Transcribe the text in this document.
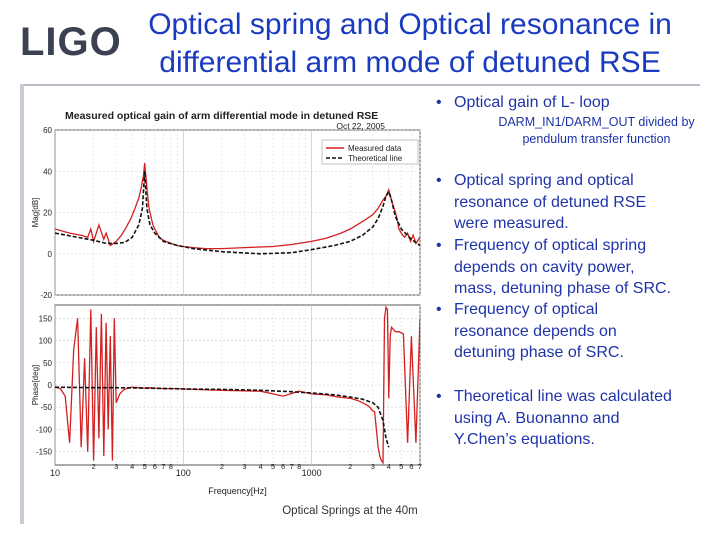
LIGO Optical spring and Optical resonance in
differential arm mode of detuned RSE
-20
0
20
40
60
Mag[dB]
-150
-100
-50
0
50
100
150
Phase[deg]
Measured optical gain of arm differential mode in detuned RSE
Oct 22, 2005
Measured data
Theoretical line
10
2 3 4 5 6 7 8
100
2 3 4 5 6 7 8
1000
2 3 4 5 6 7
Frequency[Hz]
• Optical gain of L- loop
DARM_IN1/DARM_OUT divided by
pendulum transfer function
• Optical spring and optical
resonance of detuned RSE
were measured.
• Frequency of optical spring
depends on cavity power,
mass, detuning phase of SRC.
• Frequency of optical
resonance depends on
detuning phase of SRC.
• Theoretical line was calculated
using A. Buonanno and
Y.Chen’s equations.
Optical Springs at the 40m
